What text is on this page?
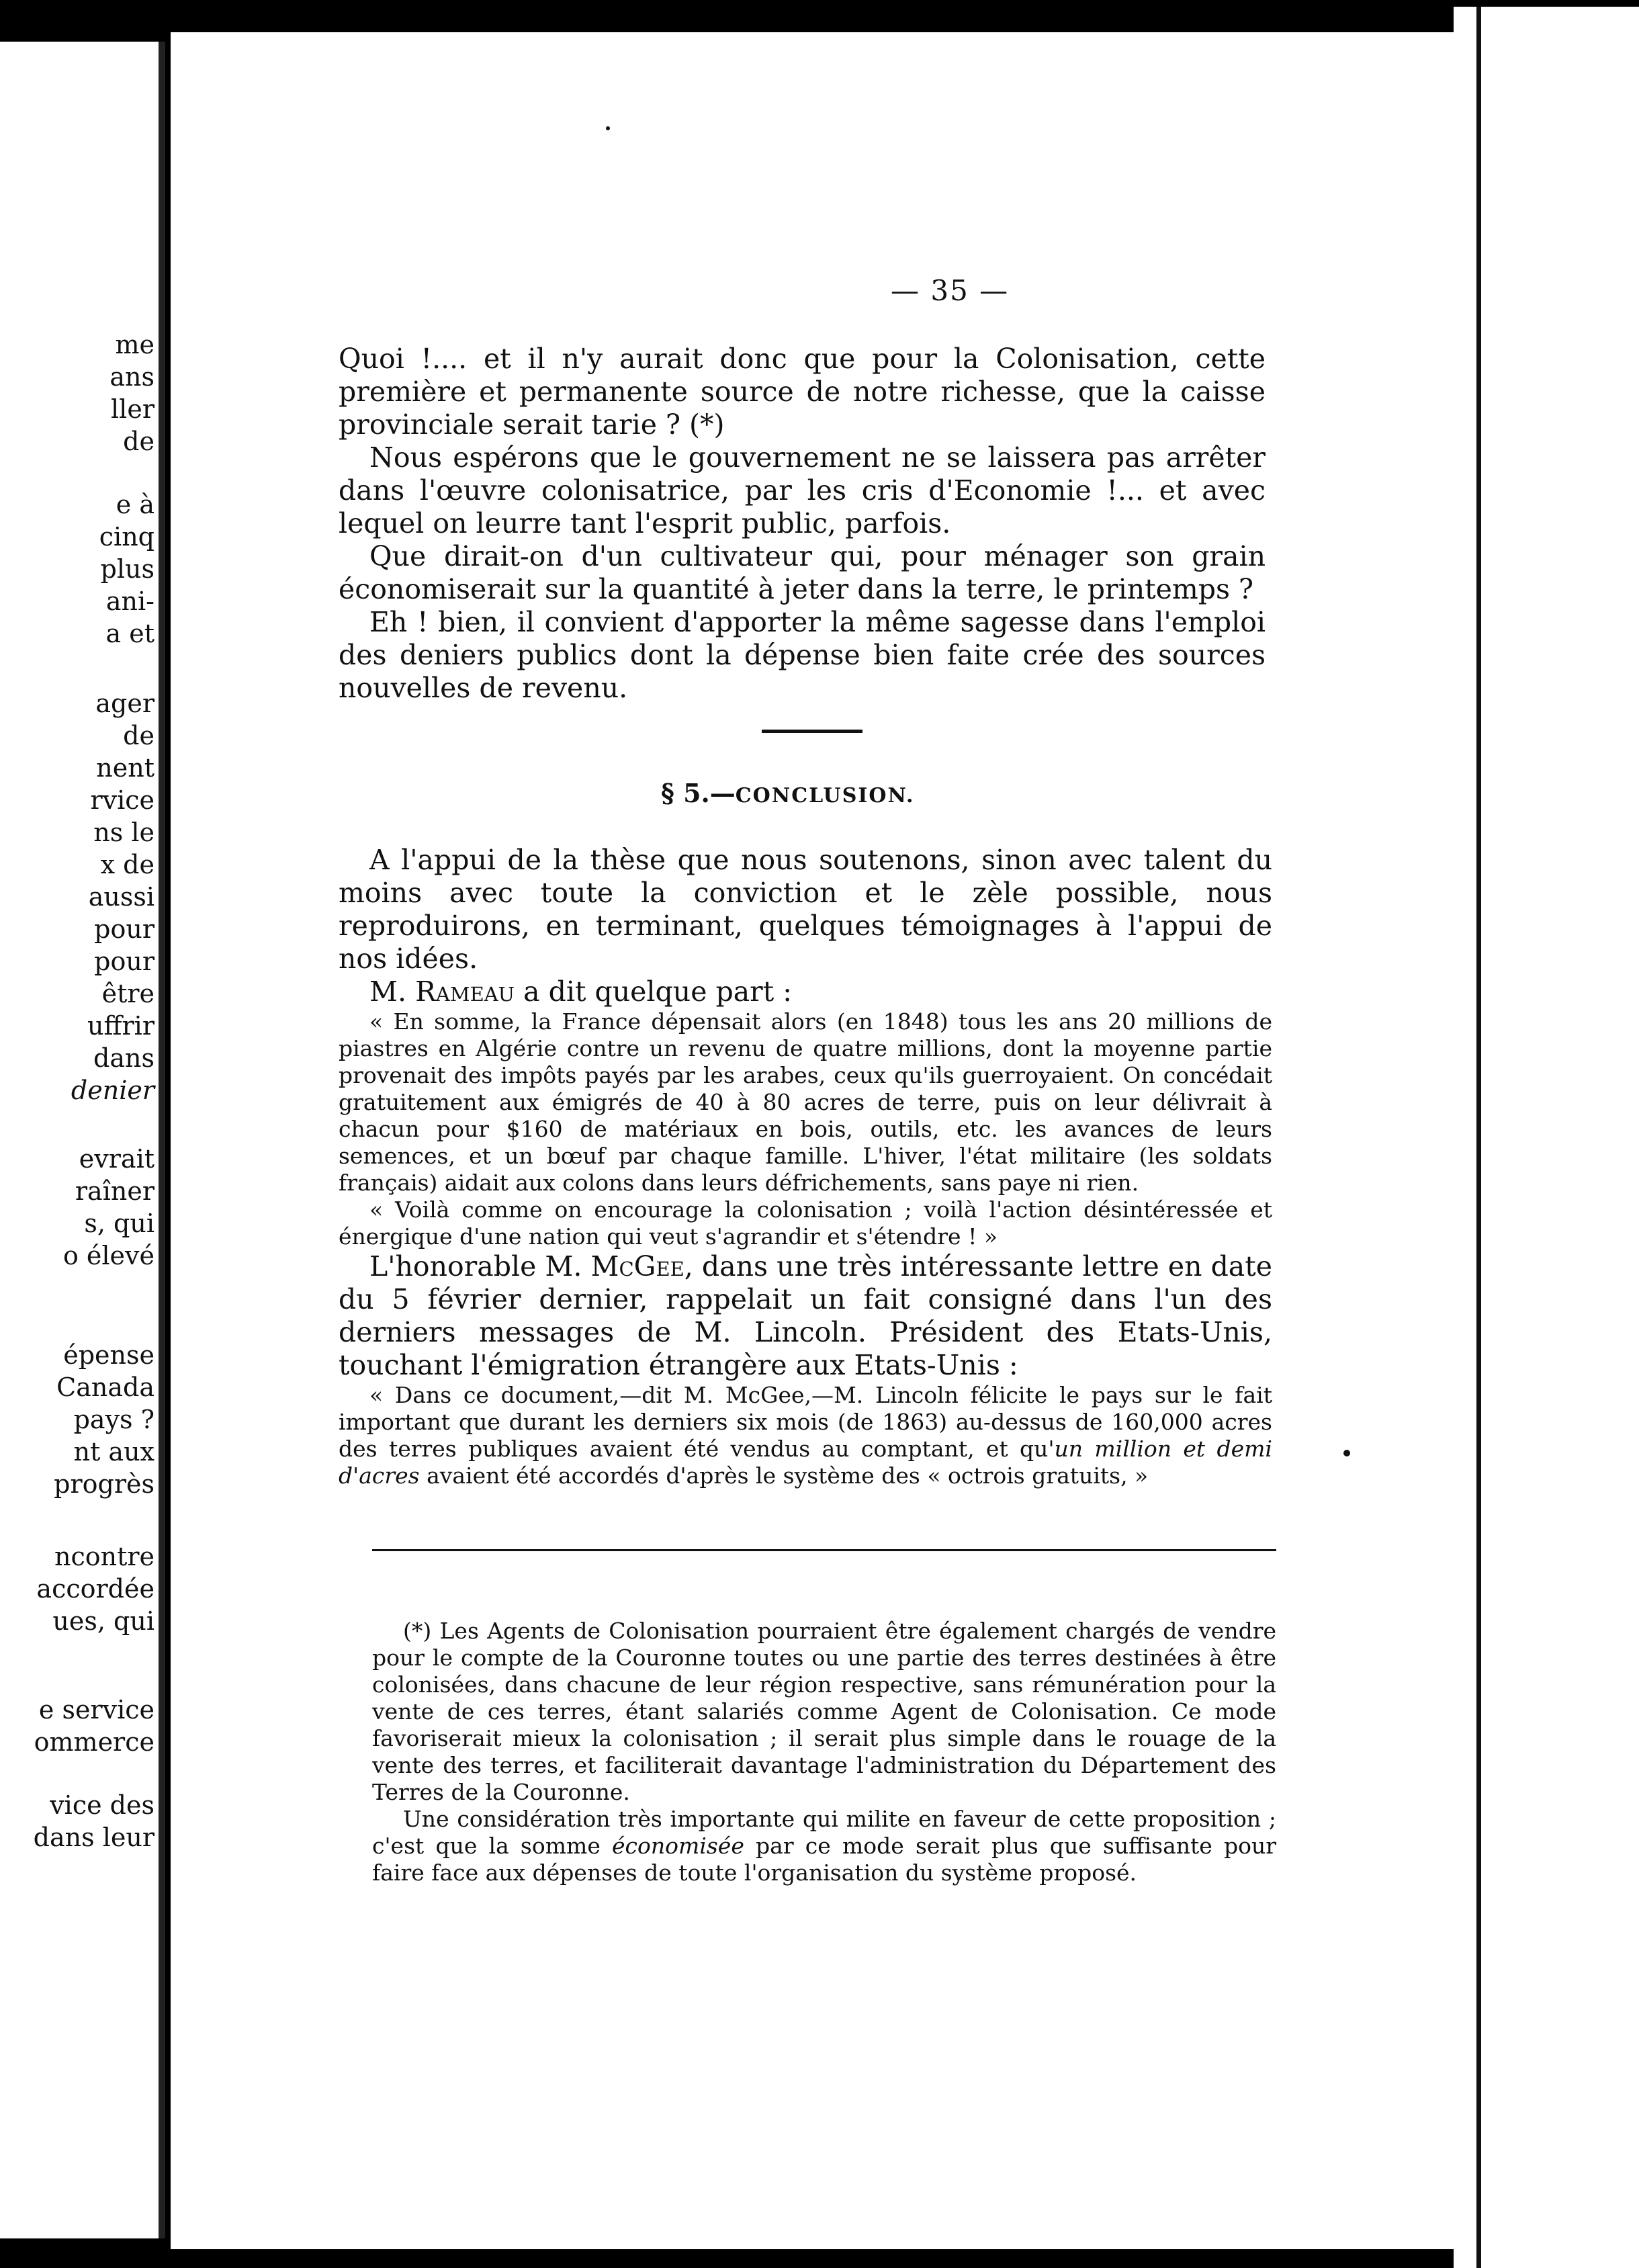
me
ans
ller
de
e à
cinq
plus
ani-
a et
ager
de
nent
rvice
ns le
x de
aussi
pour
pour
être
uffrir
dans
denier
evrait
raîner
s, qui
o élevé
épense
Canada
pays ?
nt aux
progrès
ncontre
accordée
ues, qui
e service
ommerce
vice des
dans leur
— 35 —

Quoi !.... et il n'y aurait donc que pour la Colonisation, cette première et permanente source de notre richesse, que la caisse provinciale serait tarie ? (*)

Nous espérons que le gouvernement ne se laissera pas arrêter dans l'œuvre colonisatrice, par les cris d'Economie !... et avec lequel on leurre tant l'esprit public, parfois.

Que dirait-on d'un cultivateur qui, pour ménager son grain économiserait sur la quantité à jeter dans la terre, le printemps ?

Eh ! bien, il convient d'apporter la même sagesse dans l'emploi des deniers publics dont la dépense bien faite crée des sources nouvelles de revenu.

§ 5.—CONCLUSION.

A l'appui de la thèse que nous soutenons, sinon avec talent du moins avec toute la conviction et le zèle possible, nous reproduirons, en terminant, quelques témoignages à l'appui de nos idées.

M. Rameau a dit quelque part :

« En somme, la France dépensait alors (en 1848) tous les ans 20 millions de piastres en Algérie contre un revenu de quatre millions, dont la moyenne partie provenait des impôts payés par les arabes, ceux qu'ils guerroyaient. On concédait gratuitement aux émigrés de 40 à 80 acres de terre, puis on leur délivrait à chacun pour $160 de matériaux en bois, outils, etc. les avances de leurs semences, et un bœuf par chaque famille. L'hiver, l'état militaire (les soldats français) aidait aux colons dans leurs défrichements, sans paye ni rien.

« Voilà comme on encourage la colonisation ; voilà l'action désintéressée et énergique d'une nation qui veut s'agrandir et s'étendre ! »

L'honorable M. McGee, dans une très intéressante lettre en date du 5 février dernier, rappelait un fait consigné dans l'un des derniers messages de M. Lincoln. Président des Etats-Unis, touchant l'émigration étrangère aux Etats-Unis :

« Dans ce document,—dit M. McGee,—M. Lincoln félicite le pays sur le fait important que durant les derniers six mois (de 1863) au-dessus de 160,000 acres des terres publiques avaient été vendus au comptant, et qu'un million et demi d'acres avaient été accordés d'après le système des « octrois gratuits, »

(*) Les Agents de Colonisation pourraient être également chargés de vendre pour le compte de la Couronne toutes ou une partie des terres destinées à être colonisées, dans chacune de leur région respective, sans rémunération pour la vente de ces terres, étant salariés comme Agent de Colonisation. Ce mode favoriserait mieux la colonisation ; il serait plus simple dans le rouage de la vente des terres, et faciliterait davantage l'administration du Département des Terres de la Couronne.

Une considération très importante qui milite en faveur de cette proposition ; c'est que la somme économisée par ce mode serait plus que suffisante pour faire face aux dépenses de toute l'organisation du système proposé.
